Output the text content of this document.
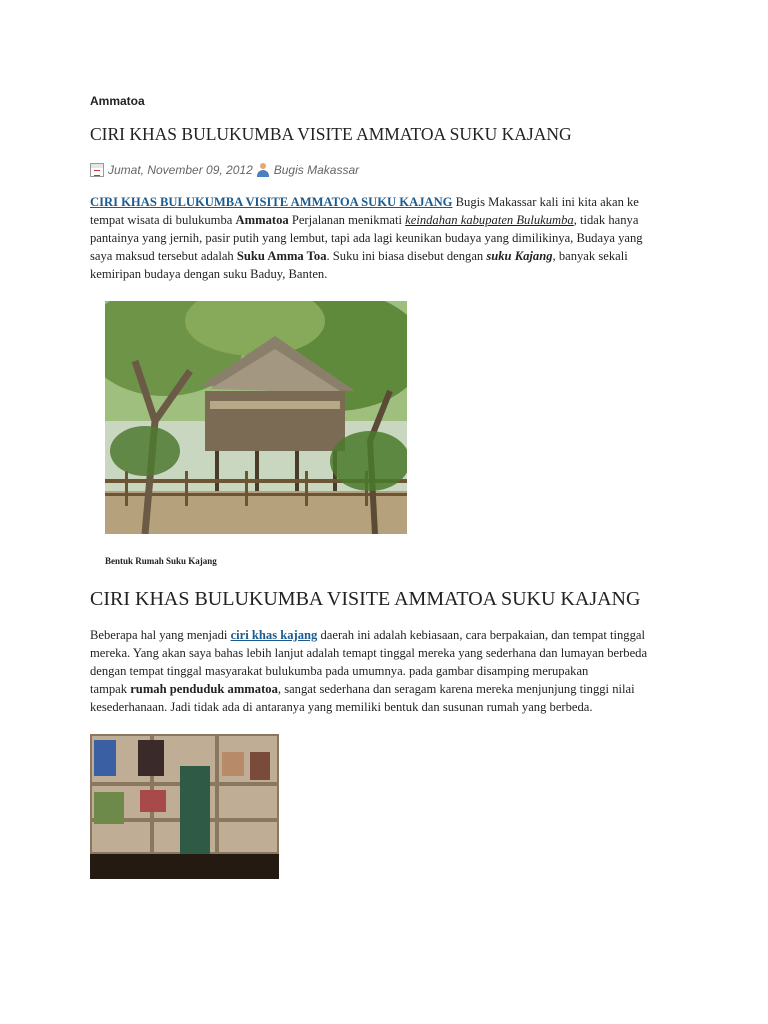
Ammatoa
CIRI KHAS BULUKUMBA VISITE AMMATOA SUKU KAJANG
Jumat, November 09, 2012 Bugis Makassar

CIRI KHAS BULUKUMBA VISITE AMMATOA SUKU KAJANG Bugis Makassar kali ini kita akan ke

tempat wisata di bulukumba Ammatoa Perjalanan menikmati keindahan kabupaten Bulukumba, tidak hanya

pantainya yang jernih, pasir putih yang lembut, tapi ada lagi keunikan budaya yang dimilikinya, Budaya yang

saya maksud tersebut adalah Suku Amma Toa. Suku ini biasa disebut dengan suku Kajang, banyak sekali

kemiripan budaya dengan suku Baduy, Banten.

Bentuk Rumah Suku Kajang
CIRI KHAS BULUKUMBA VISITE AMMATOA SUKU KAJANG

Beberapa hal yang menjadi ciri khas kajang daerah ini adalah kebiasaan, cara berpakaian, dan tempat tinggal

mereka. Yang akan saya bahas lebih lanjut adalah temapt tinggal mereka yang sederhana dan lumayan berbeda

dengan tempat tinggal masyarakat bulukumba pada umumnya. pada gambar disamping merupakan

tampak rumah penduduk ammatoa, sangat sederhana dan seragam karena mereka menjunjung tinggi nilai

kesederhanaan. Jadi tidak ada di antaranya yang memiliki bentuk dan susunan rumah yang berbeda.
